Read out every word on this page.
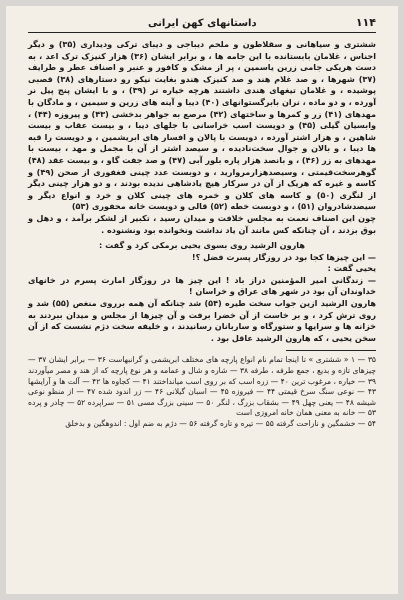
۱۱۴
داستانهای کهن ایرانی

ششتری و سیاهانی و سقلاطون و ملحم دیباجی و دیبای ترکی ودیداری (۳۵) و دیگر اجناس ، غلامان بابستانده با این جامه ها ، و برابر ایشان (۳۶) هزار کنیزک ترک اعد ، به دست هریکی جامی زرین یاسمین ، پر از مشک و کافور و عنبر و اصناف عطر و طرایف (۳۷) شهرها ، و صد غلام هند و صد کنیزک هندو بغایت نیکو رو دستارهای (۳۸) قصبی پوشیده ، و غلامان تیغهای هندی داشتند هرچه خیاره تر (۳۹) ، و با ایشان پنج پیل نر آورده ، و دو ماده ، نران بابرگستوانهای (۴۰) دیبا و آینه های زرین و سیمین ، و مادگان با مهدهای (۴۱) زر و کمرها و ساختهای (۴۲) مرصع به جواهر بدخشی (۴۳) و پیروزه (۴۴) ، وابسیان گیلی (۴۵) و دویست اسب خراسانی با جلهای دیبا ، و بیست عقاب و بیست شاهین ، و هزار اشتر آورده ، دویست با پالان و افسار های ابریشمین ، و دویست را قبه ها دیبا ، و بالان و جوال سخت‌نادیده ، و سیصد اشتر از آن با مجمل و مهد ، بیست با مهدهای به زر (۴۶) ، و بانصد هزار پاره بلور آبی (۴۷) و صد جفت گاو ، و بیست عقد (۴۸) گوهرسخت‌قیمتی ، وسیصدهزارمروارید ، و دوبست عدد چینی فغفوری از صحن (۴۹) و کاسه و غیره که هریک از آن در سرکار هیچ یادشاهی ندیده بودند ، و دو هزار چینی دیگر از لنگری (۵۰) و کاسه های کلان و خمره های چینی کلان و خرد و انواع دیگر و سیصدشادروان (۵۱) ، و دوبست خطه (۵۲) قالی و دویست خانه محفوری (۵۳)

چون این اصناف نعمت به مجلس خلافت و میدان رسید ، تکبیر از لشکر برآمد ، و دهل و بوق بزدند ، آن چنانکه کس مانند آن یاد نداشت ونخوانده بود ونشنوده .

هارون الرشید روی بسوی یحیی برمکی کرد و گفت :

— این چیزها کجا بود در روزگار پسرت فضل ؟!

یحیی گفت :

— زندگانی امیر المؤمنین دراز باد ! این چیز ها در روزگار امارت پسرم در خانهای خداوندان آن بود در شهر های عراق و خراسان !

هارون الرشید ازین جواب سخت طیره (۵۴) شد چنانکه آن همه برروی منغص (۵۵) شد و روی ترش کرد ، و بر خاست از آن خضرا برفت و آن چیزها از مجلس و میدان ببردند به خزانه ها و سرایها و ستورگاه و ساربانان رسانیدند ، و خلیفه سخت دژم نشست که از آن سخن یحیی ، که هارون الرشید عاقل بود .

۳۵ — ۱ « ششتری » تا اینجا تمام نام انواع پارچه های مختلف ابریشمی و گرانبهاست ۳۶ — برابر ایشان ۳۷ — چیزهای تازه و بدیع ، جمع طرفه ، طرفه ۳۸ — شاره و شال و عمامه و هر نوع پارچه که از هند و مصر میآوردند ۳۹ — خیاره ، مرغوب ترین ۴۰ — زره اسب که بر روی اسب میانداختند ۴۱ — کجاوه ها ۴۲ — آلت ها و آرایشها ۴۳ — نوعی سنگ سرخ قیمتی ۴۴ — فیروزه ۴۵ — اسبان گیلانی ۴۶ — زر اندود شده ۴۷ — از منظو نوعی شیشه ۴۸ — یعنی چهل ۴۹ — بشقاب بزرگ ، لنگر ۵۰ — سینی بزرگ مسی ۵۱ — سراپرده ۵۲ — چادر و پرده ۵۳ — خانه به معنی همان خانه امروزی است

۵۴ — خشمگین و ناراحت گرفته ۵۵ — تیره و تاره گرفته ۵۶ — دژم به ضم اول : اندوهگین و بدخلق
